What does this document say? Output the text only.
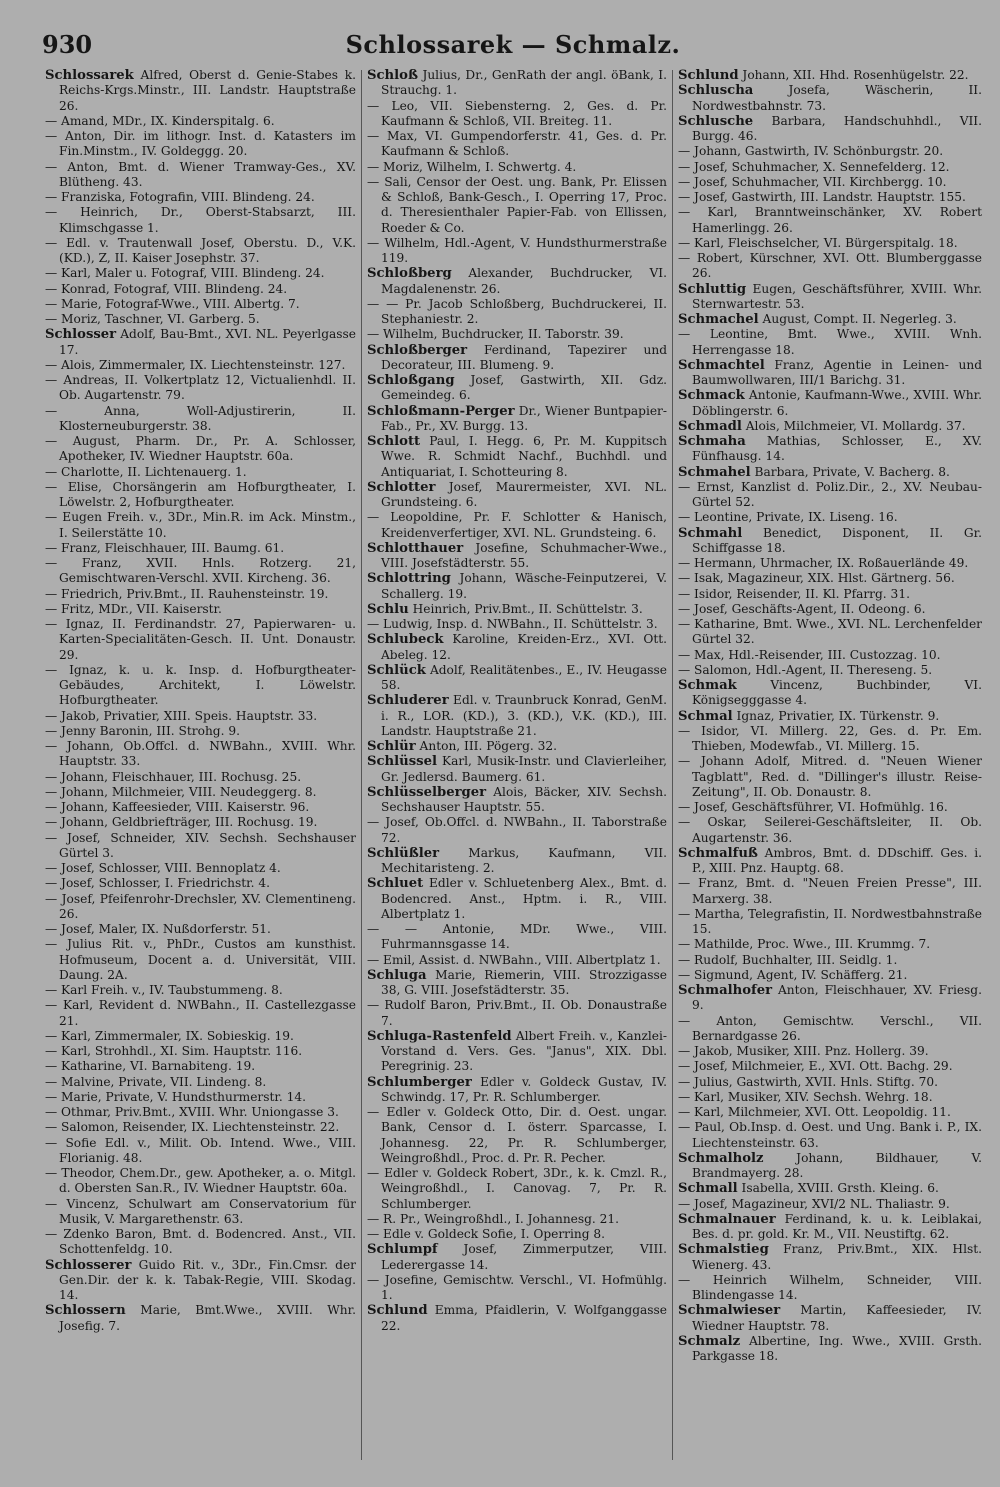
930	Schlossarek — Schmalz.
Schlossarek Alfred, Oberst d. Genie-Stabes k. Reichs-Krgs.Minstr., III. Landstr. Hauptstraße 26.
— Amand, MDr., IX. Kinderspitalg. 6.
— Anton, Dir. im lithogr. Inst. d. Katasters im Fin.Minstm., IV. Goldeggg. 20.
— Anton, Bmt. d. Wiener Tramway-Ges., XV. Blütheng. 43.
— Franziska, Fotografin, VIII. Blindeng. 24.
— Heinrich, Dr., Oberst-Stabsarzt, III. Klimschgasse 1.
— Edl. v. Trautenwall Josef, Oberstu. D., V.K. (KD.), Z, II. Kaiser Josephstr. 37.
— Karl, Maler u. Fotograf, VIII. Blindeng. 24.
— Konrad, Fotograf, VIII. Blindeng. 24.
— Marie, Fotograf-Wwe., VIII. Albertg. 7.
— Moriz, Taschner, VI. Garberg. 5.
Schlosser Adolf, Bau-Bmt., XVI. NL. Peyerlgasse 17.
— Alois, Zimmermaler, IX. Liechtensteinstr. 127.
— Andreas, II. Volkertplatz 12, Victualienhdl. II. Ob. Augartenstr. 79.
— Anna, Woll-Adjustirerin, II. Klosterneuburgerstr. 38.
— August, Pharm. Dr., Pr. A. Schlosser, Apotheker, IV. Wiedner Hauptstr. 60a.
— Charlotte, II. Lichtenauerg. 1.
— Elise, Chorsängerin am Hofburgtheater, I. Löwelstr. 2, Hofburgtheater.
— Eugen Freih. v., 3Dr., Min.R. im Ack. Minstm., I. Seilerstätte 10.
— Franz, Fleischhauer, III. Baumg. 61.
— Franz, XVII. Hnls. Rotzerg. 21, Gemischtwaren-Verschl. XVII. Kircheng. 36.
— Friedrich, Priv.Bmt., II. Rauhensteinstr. 19.
— Fritz, MDr., VII. Kaiserstr.
— Ignaz, II. Ferdinandstr. 27, Papierwaren- u. Karten-Specialitäten-Gesch. II. Unt. Donaustr. 29.
— Ignaz, k. u. k. Insp. d. Hofburgtheater-Gebäudes, Architekt, I. Löwelstr. Hofburgtheater.
— Jakob, Privatier, XIII. Speis. Hauptstr. 33.
— Jenny Baronin, III. Strohg. 9.
— Johann, Ob.Offcl. d. NWBahn., XVIII. Whr. Hauptstr. 33.
— Johann, Fleischhauer, III. Rochusg. 25.
— Johann, Milchmeier, VIII. Neudeggerg. 8.
— Johann, Kaffeesieder, VIII. Kaiserstr. 96.
— Johann, Geldbriefträger, III. Rochusg. 19.
— Josef, Schneider, XIV. Sechsh. Sechshauser Gürtel 3.
— Josef, Schlosser, VIII. Bennoplatz 4.
— Josef, Schlosser, I. Friedrichstr. 4.
— Josef, Pfeifenrohr-Drechsler, XV. Clementineng. 26.
— Josef, Maler, IX. Nußdorferstr. 51.
— Julius Rit. v., PhDr., Custos am kunsthist. Hofmuseum, Docent a. d. Universität, VIII. Daung. 2A.
— Karl Freih. v., IV. Taubstummeng. 8.
— Karl, Revident d. NWBahn., II. Castellezgasse 21.
— Karl, Zimmermaler, IX. Sobieskig. 19.
— Karl, Strohhdl., XI. Sim. Hauptstr. 116.
— Katharine, VI. Barnabiteng. 19.
— Malvine, Private, VII. Lindeng. 8.
— Marie, Private, V. Hundsthurmerstr. 14.
— Othmar, Priv.Bmt., XVIII. Whr. Uniongasse 3.
— Salomon, Reisender, IX. Liechtensteinstr. 22.
— Sofie Edl. v., Milit. Ob. Intend. Wwe., VIII. Florianig. 48.
— Theodor, Chem.Dr., gew. Apotheker, a. o. Mitgl. d. Obersten San.R., IV. Wiedner Hauptstr. 60a.
— Vincenz, Schulwart am Conservatorium für Musik, V. Margarethenstr. 63.
— Zdenko Baron, Bmt. d. Bodencred. Anst., VII. Schottenfeldg. 10.
Schlosserer Guido Rit. v., 3Dr., Fin.Cmsr. der Gen.Dir. der k. k. Tabak-Regie, VIII. Skodag. 14.
Schlossern Marie, Bmt.Wwe., XVIII. Whr. Josefig. 7.
Schloß Julius, Dr., GenRath der angl. öBank, I. Strauchg. 1.
— Leo, VII. Siebensterng. 2, Ges. d. Pr. Kaufmann & Schloß, VII. Breiteg. 11.
— Max, VI. Gumpendorferstr. 41, Ges. d. Pr. Kaufmann & Schloß.
— Moriz, Wilhelm, I. Schwertg. 4.
— Sali, Censor der Oest. ung. Bank, Pr. Elissen & Schloß, Bank-Gesch., I. Operring 17, Proc. d. Theresienthaler Papier-Fab. von Ellissen, Roeder & Co.
— Wilhelm, Hdl.-Agent, V. Hundsthurmerstraße 119.
Schloßberg Alexander, Buchdrucker, VI. Magdalenenstr. 26.
— — Pr. Jacob Schloßberg, Buchdruckerei, II. Stephaniestr. 2.
— Wilhelm, Buchdrucker, II. Taborstr. 39.
Schloßberger Ferdinand, Tapezirer und Decorateur, III. Blumeng. 9.
Schloßgang Josef, Gastwirth, XII. Gdz. Gemeindeg. 6.
Schloßmann-Perger Dr., Wiener Buntpapier-Fab., Pr., XV. Burgg. 13.
Schlott Paul, I. Hegg. 6, Pr. M. Kuppitsch Wwe. R. Schmidt Nachf., Buchhdl. und Antiquariat, I. Schotteuring 8.
Schlotter Josef, Maurermeister, XVI. NL. Grundsteing. 6.
— Leopoldine, Pr. F. Schlotter & Hanisch, Kreidenverfertiger, XVI. NL. Grundsteing. 6.
Schlotthauer Josefine, Schuhmacher-Wwe., VIII. Josefstädterstr. 55.
Schlottring Johann, Wäsche-Feinputzerei, V. Schallerg. 19.
Schlu Heinrich, Priv.Bmt., II. Schüttelstr. 3.
— Ludwig, Insp. d. NWBahn., II. Schüttelstr. 3.
Schlubeck Karoline, Kreiden-Erz., XVI. Ott. Abeleg. 12.
Schlück Adolf, Realitätenbes., E., IV. Heugasse 58.
Schluderer Edl. v. Traunbruck Konrad, GenM. i. R., LOR. (KD.), 3. (KD.), V.K. (KD.), III. Landstr. Hauptstraße 21.
Schlür Anton, III. Pögerg. 32.
Schlüssel Karl, Musik-Instr. und Clavierleiher, Gr. Jedlersd. Baumerg. 61.
Schlüsselberger Alois, Bäcker, XIV. Sechsh. Sechshauser Hauptstr. 55.
— Josef, Ob.Offcl. d. NWBahn., II. Taborstraße 72.
Schlüßler Markus, Kaufmann, VII. Mechitaristeng. 2.
Schluet Edler v. Schluetenberg Alex., Bmt. d. Bodencred. Anst., Hptm. i. R., VIII. Albertplatz 1.
— — Antonie, MDr. Wwe., VIII. Fuhrmannsgasse 14.
— Emil, Assist. d. NWBahn., VIII. Albertplatz 1.
Schluga Marie, Riemerin, VIII. Strozzigasse 38, G. VIII. Josefstädterstr. 35.
— Rudolf Baron, Priv.Bmt., II. Ob. Donaustraße 7.
Schluga-Rastenfeld Albert Freih. v., Kanzlei-Vorstand d. Vers. Ges. "Janus", XIX. Dbl. Peregrinig. 23.
Schlumberger Edler v. Goldeck Gustav, IV. Schwindg. 17, Pr. R. Schlumberger.
— Edler v. Goldeck Otto, Dir. d. Oest. ungar. Bank, Censor d. I. österr. Sparcasse, I. Johannesg. 22, Pr. R. Schlumberger, Weingroßhdl., Proc. d. Pr. R. Pecher.
— Edler v. Goldeck Robert, 3Dr., k. k. Cmzl. R., Weingroßhdl., I. Canovag. 7, Pr. R. Schlumberger.
— R. Pr., Weingroßhdl., I. Johannesg. 21.
— Edle v. Goldeck Sofie, I. Operring 8.
Schlumpf Josef, Zimmerputzer, VIII. Lederergasse 14.
— Josefine, Gemischtw. Verschl., VI. Hofmühlg. 1.
Schlund Emma, Pfaidlerin, V. Wolfganggasse 22.
Schlund Johann, XII. Hhd. Rosenhügelstr. 22.
Schluscha Josefa, Wäscherin, II. Nordwestbahnstr. 73.
Schlusche Barbara, Handschuhhdl., VII. Burgg. 46.
— Johann, Gastwirth, IV. Schönburgstr. 20.
— Josef, Schuhmacher, X. Sennefelderg. 12.
— Josef, Schuhmacher, VII. Kirchbergg. 10.
— Josef, Gastwirth, III. Landstr. Hauptstr. 155.
— Karl, Branntweinschänker, XV. Robert Hamerlingg. 26.
— Karl, Fleischselcher, VI. Bürgerspitalg. 18.
— Robert, Kürschner, XVI. Ott. Blumberggasse 26.
Schluttig Eugen, Geschäftsführer, XVIII. Whr. Sternwartestr. 53.
Schmachel August, Compt. II. Negerleg. 3.
— Leontine, Bmt. Wwe., XVIII. Wnh. Herrengasse 18.
Schmachtel Franz, Agentie in Leinen- und Baumwollwaren, III/1 Barichg. 31.
Schmack Antonie, Kaufmann-Wwe., XVIII. Whr. Döblingerstr. 6.
Schmadl Alois, Milchmeier, VI. Mollardg. 37.
Schmaha Mathias, Schlosser, E., XV. Fünfhausg. 14.
Schmahel Barbara, Private, V. Bacherg. 8.
— Ernst, Kanzlist d. Poliz.Dir., 2., XV. Neubau-Gürtel 52.
— Leontine, Private, IX. Liseng. 16.
Schmahl Benedict, Disponent, II. Gr. Schiffgasse 18.
— Hermann, Uhrmacher, IX. Roßauerlände 49.
— Isak, Magazineur, XIX. Hlst. Gärtnerg. 56.
— Isidor, Reisender, II. Kl. Pfarrg. 31.
— Josef, Geschäfts-Agent, II. Odeong. 6.
— Katharine, Bmt. Wwe., XVI. NL. Lerchenfelder Gürtel 32.
— Max, Hdl.-Reisender, III. Custozzag. 10.
— Salomon, Hdl.-Agent, II. Thereseng. 5.
Schmak Vincenz, Buchbinder, VI. Königsegggasse 4.
Schmal Ignaz, Privatier, IX. Türkenstr. 9.
— Isidor, VI. Millerg. 22, Ges. d. Pr. Em. Thieben, Modewfab., VI. Millerg. 15.
— Johann Adolf, Mitred. d. "Neuen Wiener Tagblatt", Red. d. "Dillinger's illustr. Reise-Zeitung", II. Ob. Donaustr. 8.
— Josef, Geschäftsführer, VI. Hofmühlg. 16.
— Oskar, Seilerei-Geschäftsleiter, II. Ob. Augartenstr. 36.
Schmalfuß Ambros, Bmt. d. DDschiff. Ges. i. P., XIII. Pnz. Hauptg. 68.
— Franz, Bmt. d. "Neuen Freien Presse", III. Marxerg. 38.
— Martha, Telegrafistin, II. Nordwestbahnstraße 15.
— Mathilde, Proc. Wwe., III. Krummg. 7.
— Rudolf, Buchhalter, III. Seidlg. 1.
— Sigmund, Agent, IV. Schäfferg. 21.
Schmalhofer Anton, Fleischhauer, XV. Friesg. 9.
— Anton, Gemischtw. Verschl., VII. Bernardgasse 26.
— Jakob, Musiker, XIII. Pnz. Hollerg. 39.
— Josef, Milchmeier, E., XVI. Ott. Bachg. 29.
— Julius, Gastwirth, XVII. Hnls. Stiftg. 70.
— Karl, Musiker, XIV. Sechsh. Wehrg. 18.
— Karl, Milchmeier, XVI. Ott. Leopoldig. 11.
— Paul, Ob.Insp. d. Oest. und Ung. Bank i. P., IX. Liechtensteinstr. 63.
Schmalholz Johann, Bildhauer, V. Brandmayerg. 28.
Schmall Isabella, XVIII. Grsth. Kleing. 6.
— Josef, Magazineur, XVI/2 NL. Thaliastr. 9.
Schmalnauer Ferdinand, k. u. k. Leiblakai, Bes. d. pr. gold. Kr. M., VII. Neustiftg. 62.
Schmalstieg Franz, Priv.Bmt., XIX. Hlst. Wienerg. 43.
— Heinrich Wilhelm, Schneider, VIII. Blindengasse 14.
Schmalwieser Martin, Kaffeesieder, IV. Wiedner Hauptstr. 78.
Schmalz Albertine, Ing. Wwe., XVIII. Grsth. Parkgasse 18.
